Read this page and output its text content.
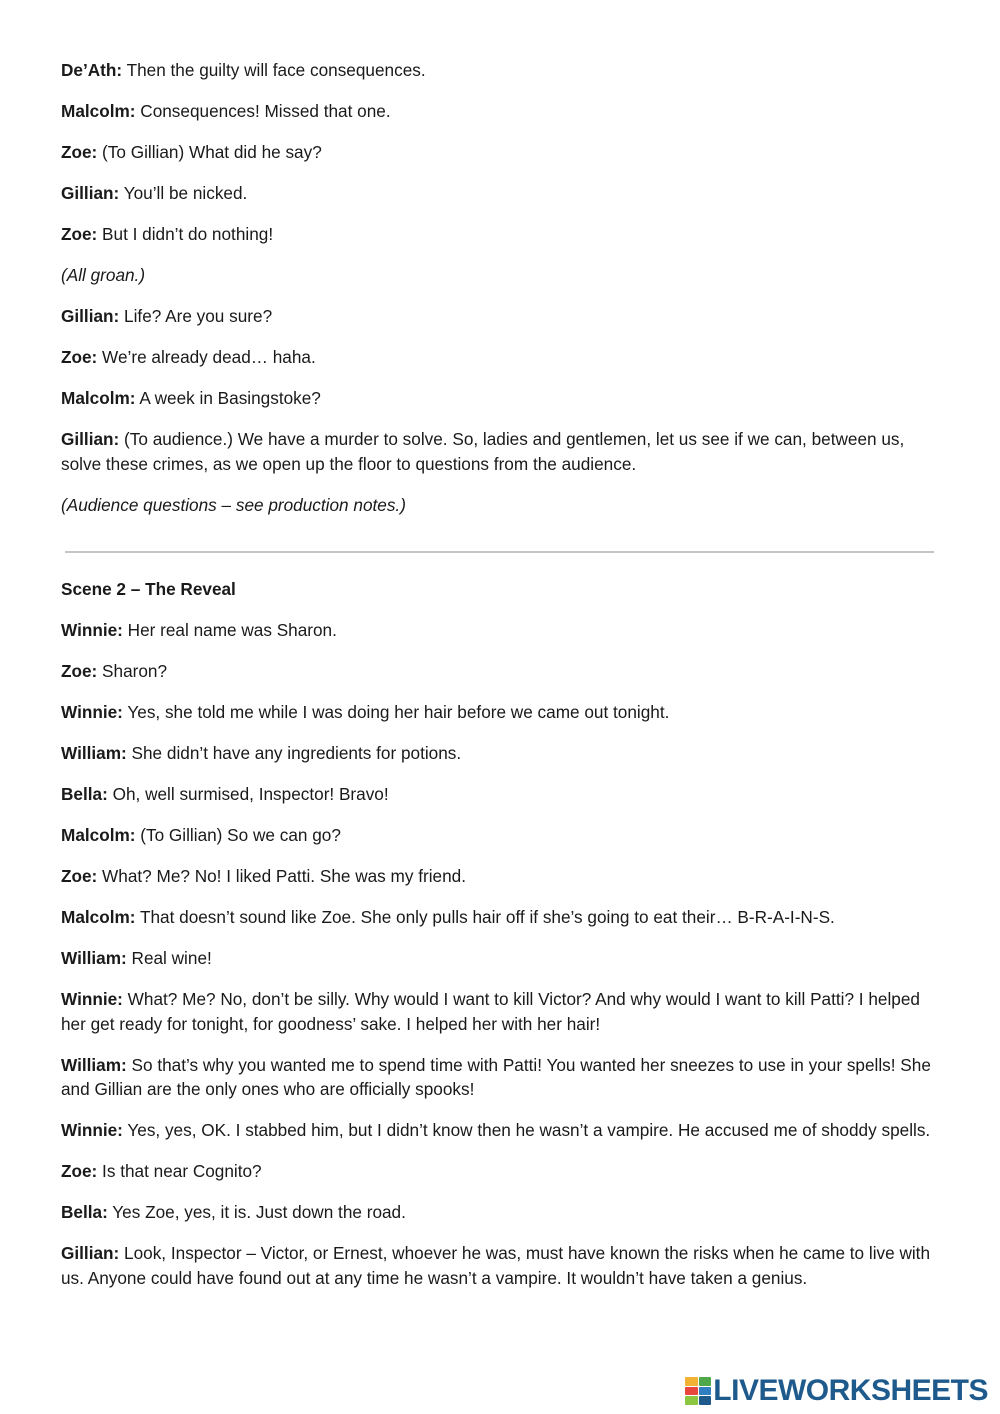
De’Ath: Then the guilty will face consequences.

Malcolm: Consequences! Missed that one.

Zoe: (To Gillian) What did he say?

Gillian: You’ll be nicked.

Zoe: But I didn’t do nothing!

(All groan.)

Gillian: Life? Are you sure?

Zoe: We’re already dead… haha.

Malcolm: A week in Basingstoke?

Gillian: (To audience.) We have a murder to solve. So, ladies and gentlemen, let us see if we can, between us, solve these crimes, as we open up the floor to questions from the audience.

(Audience questions – see production notes.)

Scene 2 – The Reveal

Winnie: Her real name was Sharon.

Zoe: Sharon?

Winnie: Yes, she told me while I was doing her hair before we came out tonight.

William: She didn’t have any ingredients for potions.

Bella: Oh, well surmised, Inspector! Bravo!

Malcolm: (To Gillian) So we can go?

Zoe: What? Me? No! I liked Patti. She was my friend.

Malcolm: That doesn’t sound like Zoe. She only pulls hair off if she’s going to eat their… B-R-A-I-N-S.

William: Real wine!

Winnie: What? Me? No, don’t be silly. Why would I want to kill Victor? And why would I want to kill Patti? I helped her get ready for tonight, for goodness’ sake. I helped her with her hair!

William: So that’s why you wanted me to spend time with Patti! You wanted her sneezes to use in your spells! She and Gillian are the only ones who are officially spooks!

Winnie: Yes, yes, OK. I stabbed him, but I didn’t know then he wasn’t a vampire. He accused me of shoddy spells.

Zoe: Is that near Cognito?

Bella: Yes Zoe, yes, it is. Just down the road.

Gillian: Look, Inspector – Victor, or Ernest, whoever he was, must have known the risks when he came to live with us. Anyone could have found out at any time he wasn’t a vampire. It wouldn’t have taken a genius.

LIVEWORKSHEETS
